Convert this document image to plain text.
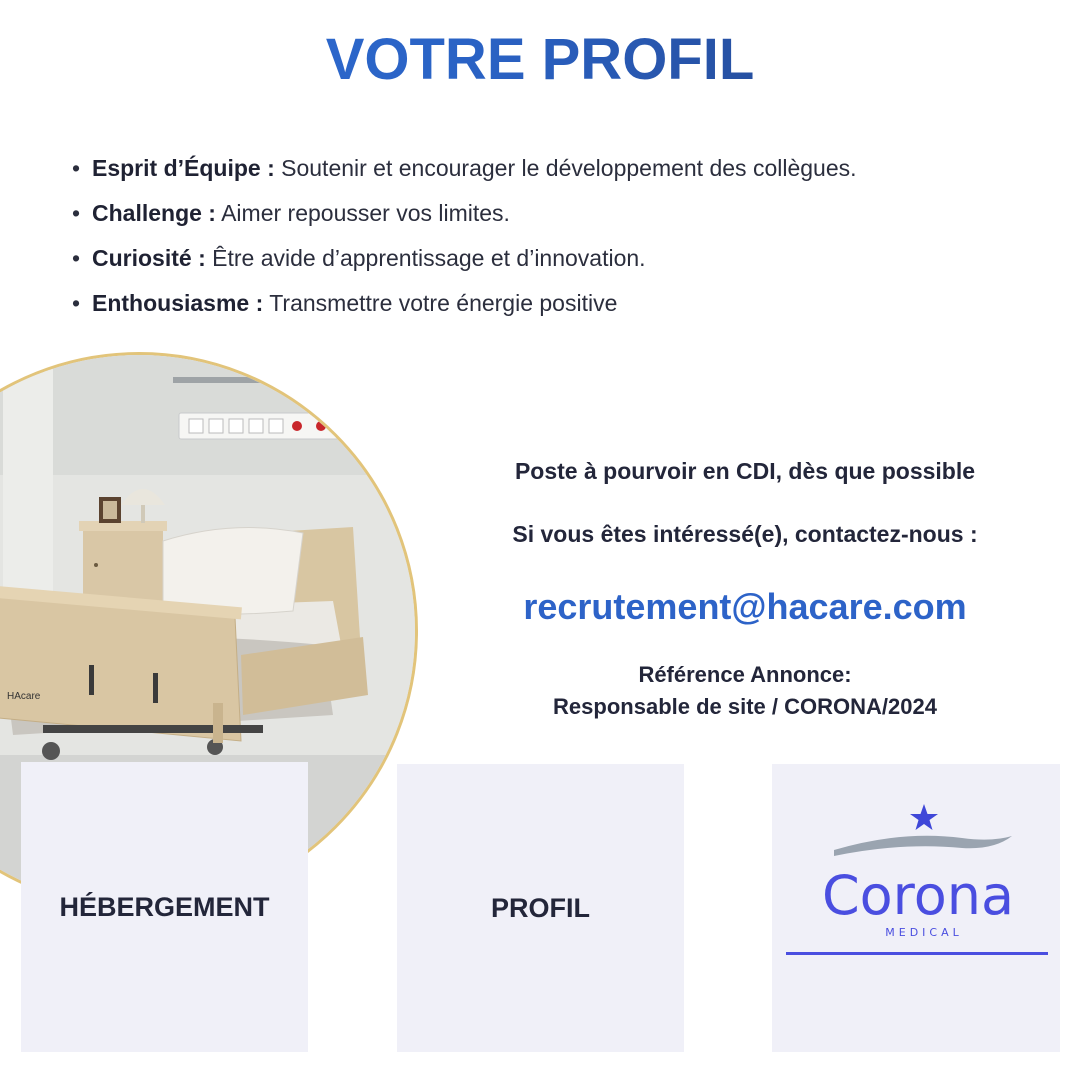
VOTRE PROFIL
• Esprit d’Équipe : Soutenir et encourager le développement des collègues.
• Challenge : Aimer repousser vos limites.
• Curiosité : Être avide d’apprentissage et d’innovation.
• Enthousiasme : Transmettre votre énergie positive
HAcare
Poste à pourvoir en CDI, dès que possible
Si vous êtes intéressé(e), contactez-nous :
recrutement@hacare.com
Référence Annonce:
Responsable de site / CORONA/2024
HÉBERGEMENT	PROFIL	Corona
MEDICAL
